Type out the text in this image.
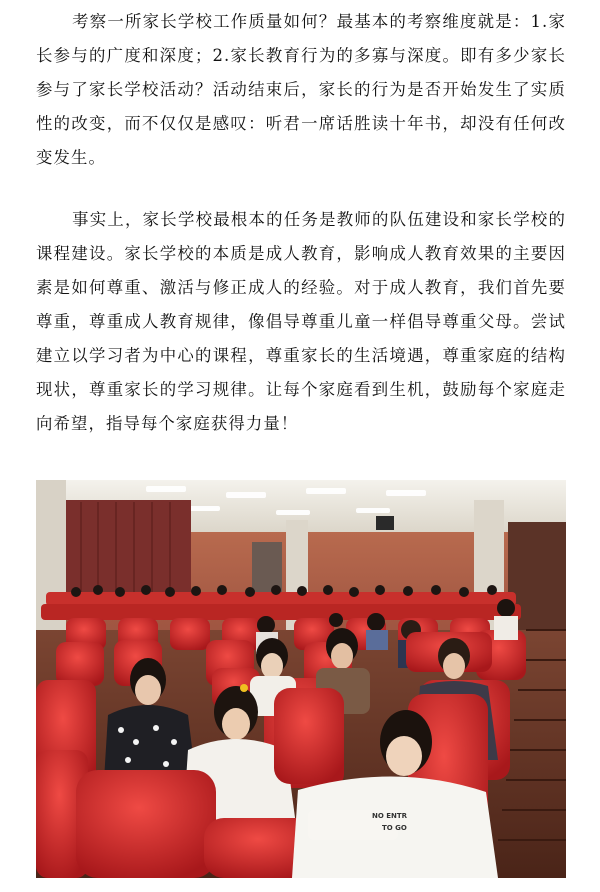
考察一所家长学校工作质量如何？最基本的考察维度就是：1.家长参与的广度和深度；2.家长教育行为的多寡与深度。即有多少家长参与了家长学校活动？活动结束后，家长的行为是否开始发生了实质性的改变，而不仅仅是感叹：听君一席话胜读十年书，却没有任何改变发生。

事实上，家长学校最根本的任务是教师的队伍建设和家长学校的课程建设。家长学校的本质是成人教育，影响成人教育效果的主要因素是如何尊重、激活与修正成人的经验。对于成人教育，我们首先要尊重，尊重成人教育规律，像倡导尊重儿童一样倡导尊重父母。尝试建立以学习者为中心的课程，尊重家长的生活境遇，尊重家庭的结构现状，尊重家长的学习规律。让每个家庭看到生机，鼓励每个家庭走向希望，指导每个家庭获得力量！

NO ENTR
TO GO
